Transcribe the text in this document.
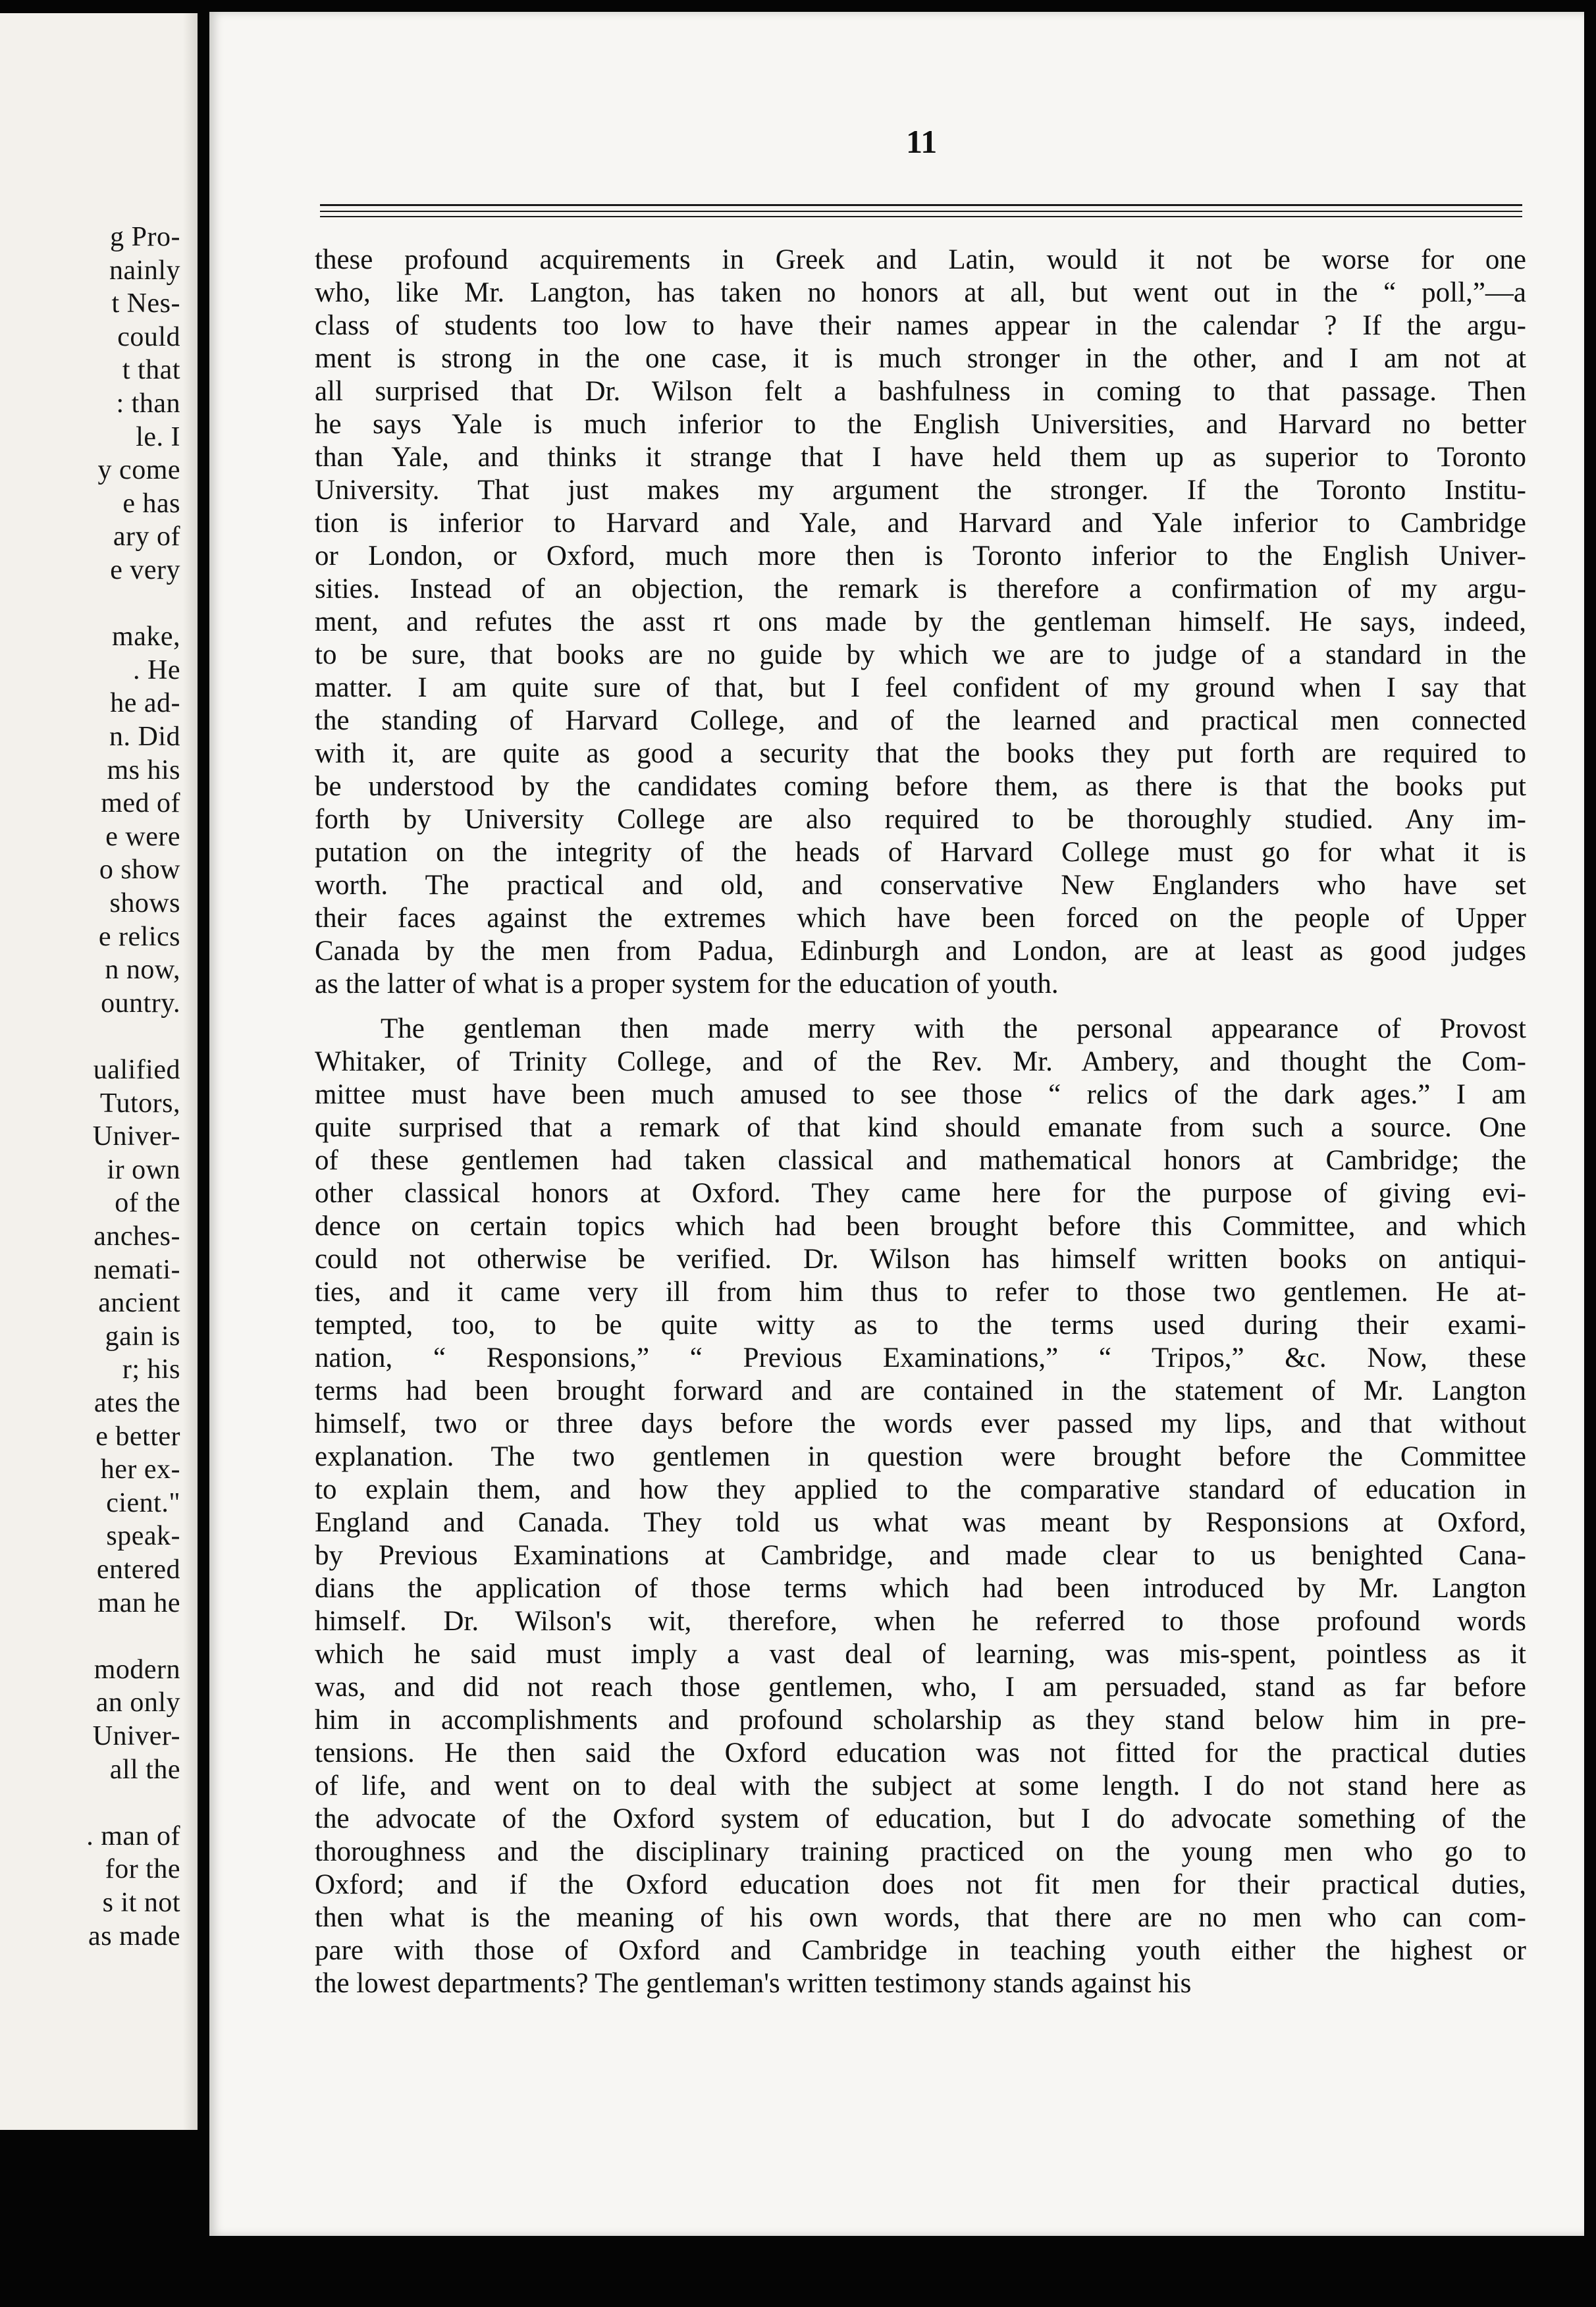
g Pro-
nainly
t Nes-
could
t that
: than
le. I
y come
e has
ary of
e very
make,
. He
he ad-
n. Did
ms his
med of
e were
o show
shows
e relics
n now,
ountry.
ualified
Tutors,
Univer-
ir own
of the
anches-
nemati-
ancient
gain is
r; his
ates the
e better
her ex-
cient."
speak-
entered
man he
modern
an only
Univer-
all the
. man of
for the
s it not
as made
11
these profound acquirements in Greek and Latin, would it not be worse for one
who, like Mr. Langton, has taken no honors at all, but went out in the “ poll,”—a
class of students too low to have their names appear in the calendar ? If the argu-
ment is strong in the one case, it is much stronger in the other, and I am not at
all surprised that Dr. Wilson felt a bashfulness in coming to that passage. Then
he says Yale is much inferior to the English Universities, and Harvard no better
than Yale, and thinks it strange that I have held them up as superior to Toronto
University. That just makes my argument the stronger. If the Toronto Institu-
tion is inferior to Harvard and Yale, and Harvard and Yale inferior to Cambridge
or London, or Oxford, much more then is Toronto inferior to the English Univer-
sities. Instead of an objection, the remark is therefore a confirmation of my argu-
ment, and refutes the asst rt ons made by the gentleman himself. He says, indeed,
to be sure, that books are no guide by which we are to judge of a standard in the
matter. I am quite sure of that, but I feel confident of my ground when I say that
the standing of Harvard College, and of the learned and practical men connected
with it, are quite as good a security that the books they put forth are required to
be understood by the candidates coming before them, as there is that the books put
forth by University College are also required to be thoroughly studied. Any im-
putation on the integrity of the heads of Harvard College must go for what it is
worth. The practical and old, and conservative New Englanders who have set
their faces against the extremes which have been forced on the people of Upper
Canada by the men from Padua, Edinburgh and London, are at least as good judges
as the latter of what is a proper system for the education of youth.
The gentleman then made merry with the personal appearance of Provost
Whitaker, of Trinity College, and of the Rev. Mr. Ambery, and thought the Com-
mittee must have been much amused to see those “ relics of the dark ages.” I am
quite surprised that a remark of that kind should emanate from such a source. One
of these gentlemen had taken classical and mathematical honors at Cambridge; the
other classical honors at Oxford. They came here for the purpose of giving evi-
dence on certain topics which had been brought before this Committee, and which
could not otherwise be verified. Dr. Wilson has himself written books on antiqui-
ties, and it came very ill from him thus to refer to those two gentlemen. He at-
tempted, too, to be quite witty as to the terms used during their exami-
nation, “ Responsions,” “ Previous Examinations,” “ Tripos,” &c. Now, these
terms had been brought forward and are contained in the statement of Mr. Langton
himself, two or three days before the words ever passed my lips, and that without
explanation. The two gentlemen in question were brought before the Committee
to explain them, and how they applied to the comparative standard of education in
England and Canada. They told us what was meant by Responsions at Oxford,
by Previous Examinations at Cambridge, and made clear to us benighted Cana-
dians the application of those terms which had been introduced by Mr. Langton
himself. Dr. Wilson's wit, therefore, when he referred to those profound words
which he said must imply a vast deal of learning, was mis-spent, pointless as it
was, and did not reach those gentlemen, who, I am persuaded, stand as far before
him in accomplishments and profound scholarship as they stand below him in pre-
tensions. He then said the Oxford education was not fitted for the practical duties
of life, and went on to deal with the subject at some length. I do not stand here as
the advocate of the Oxford system of education, but I do advocate something of the
thoroughness and the disciplinary training practiced on the young men who go to
Oxford; and if the Oxford education does not fit men for their practical duties,
then what is the meaning of his own words, that there are no men who can com-
pare with those of Oxford and Cambridge in teaching youth either the highest or
the lowest departments? The gentleman's written testimony stands against his
